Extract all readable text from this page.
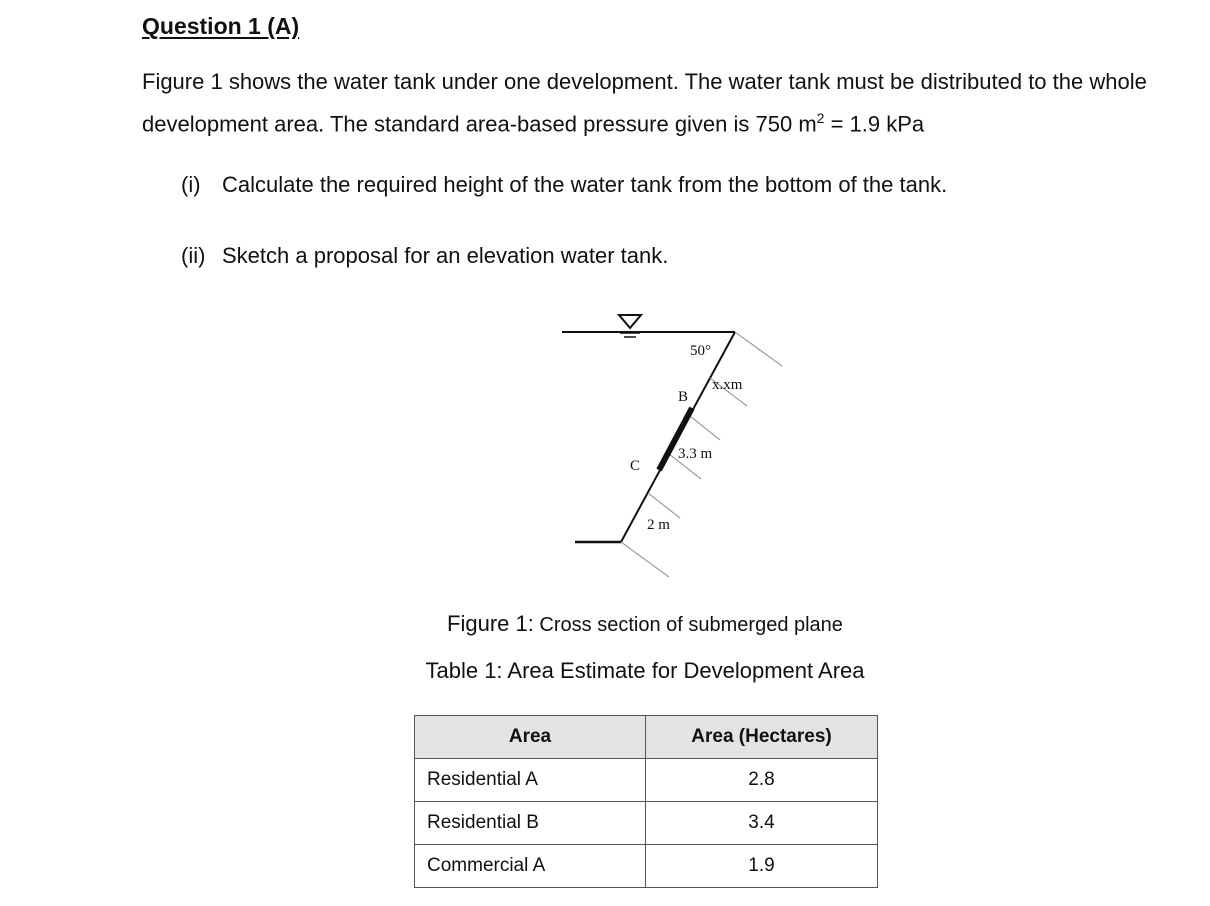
Question 1 (A)

Figure 1 shows the water tank under one development. The water tank must be distributed to the whole development area. The standard area-based pressure given is 750 $m^2 = 1.9$ kPa

(i) Calculate the required height of the water tank from the bottom of the tank.

(ii) Sketch a proposal for an elevation water tank.

50°
x.xm
B
3.3 m
C
2 m

Figure 1: Cross section of submerged plane

Table 1: Area Estimate for Development Area

Area	Area (Hectares)
Residential A	2.8
Residential B	3.4
Commercial A	1.9
